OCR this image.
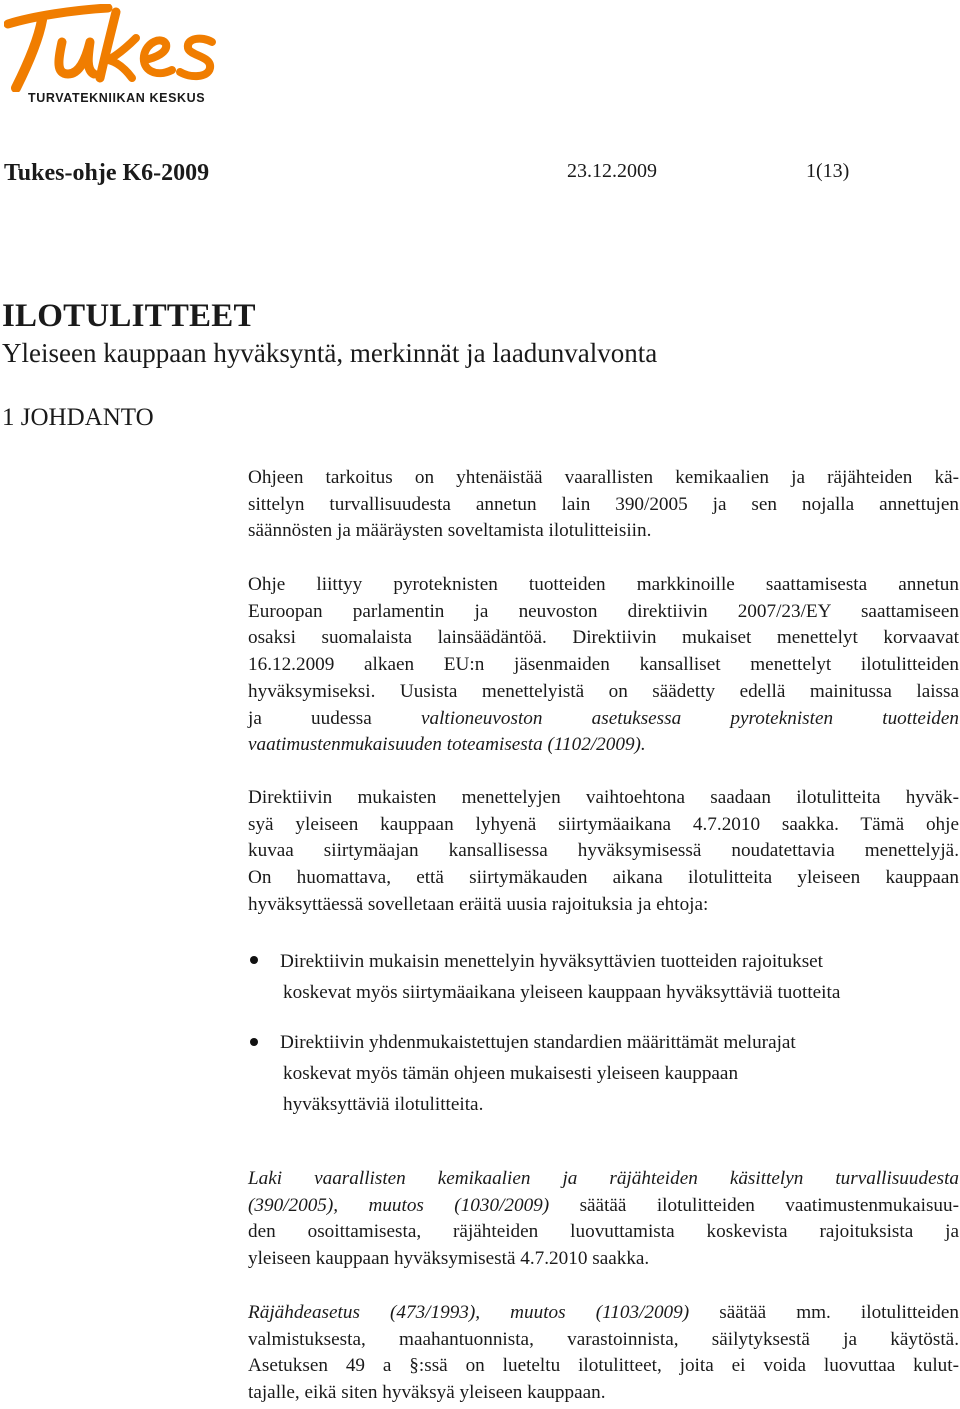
TURVATEKNIIKAN KESKUS
Tukes-ohje K6-2009	23.12.2009	1(13)
ILOTULITTEET
Yleiseen kauppaan hyväksyntä, merkinnät ja laadunvalvonta
1 JOHDANTO

Ohjeen tarkoitus on yhtenäistää vaarallisten kemikaalien ja räjähteiden kä-
sittelyn turvallisuudesta annetun lain 390/2005 ja sen nojalla annettujen
säännösten ja määräysten soveltamista ilotulitteisiin.

Ohje liittyy pyroteknisten tuotteiden markkinoille saattamisesta annetun
Euroopan parlamentin ja neuvoston direktiivin 2007/23/EY saattamiseen
osaksi suomalaista lainsäädäntöä. Direktiivin mukaiset menettelyt korvaavat
16.12.2009 alkaen EU:n jäsenmaiden kansalliset menettelyt ilotulitteiden
hyväksymiseksi. Uusista menettelyistä on säädetty edellä mainitussa laissa
ja uudessa valtioneuvoston asetuksessa pyroteknisten tuotteiden
vaatimustenmukaisuuden toteamisesta (1102/2009).

Direktiivin mukaisten menettelyjen vaihtoehtona saadaan ilotulitteita hyväk-
syä yleiseen kauppaan lyhyenä siirtymäaikana 4.7.2010 saakka. Tämä ohje
kuvaa siirtymäajan kansallisessa hyväksymisessä noudatettavia menettelyjä.
On huomattava, että siirtymäkauden aikana ilotulitteita yleiseen kauppaan
hyväksyttäessä sovelletaan eräitä uusia rajoituksia ja ehtoja:

Direktiivin mukaisin menettelyin hyväksyttävien tuotteiden rajoitukset
koskevat myös siirtymäaikana yleiseen kauppaan hyväksyttäviä tuotteita
Direktiivin yhdenmukaistettujen standardien määrittämät melurajat
koskevat myös tämän ohjeen mukaisesti yleiseen kauppaan
hyväksyttäviä ilotulitteita.

Laki vaarallisten kemikaalien ja räjähteiden käsittelyn turvallisuudesta
(390/2005), muutos (1030/2009) säätää ilotulitteiden vaatimustenmukaisuu-
den osoittamisesta, räjähteiden luovuttamista koskevista rajoituksista ja
yleiseen kauppaan hyväksymisestä 4.7.2010 saakka.

Räjähdeasetus (473/1993), muutos (1103/2009) säätää mm. ilotulitteiden
valmistuksesta, maahantuonnista, varastoinnista, säilytyksestä ja käytöstä.
Asetuksen 49 a §:ssä on lueteltu ilotulitteet, joita ei voida luovuttaa kulut-
tajalle, eikä siten hyväksyä yleiseen kauppaan.
